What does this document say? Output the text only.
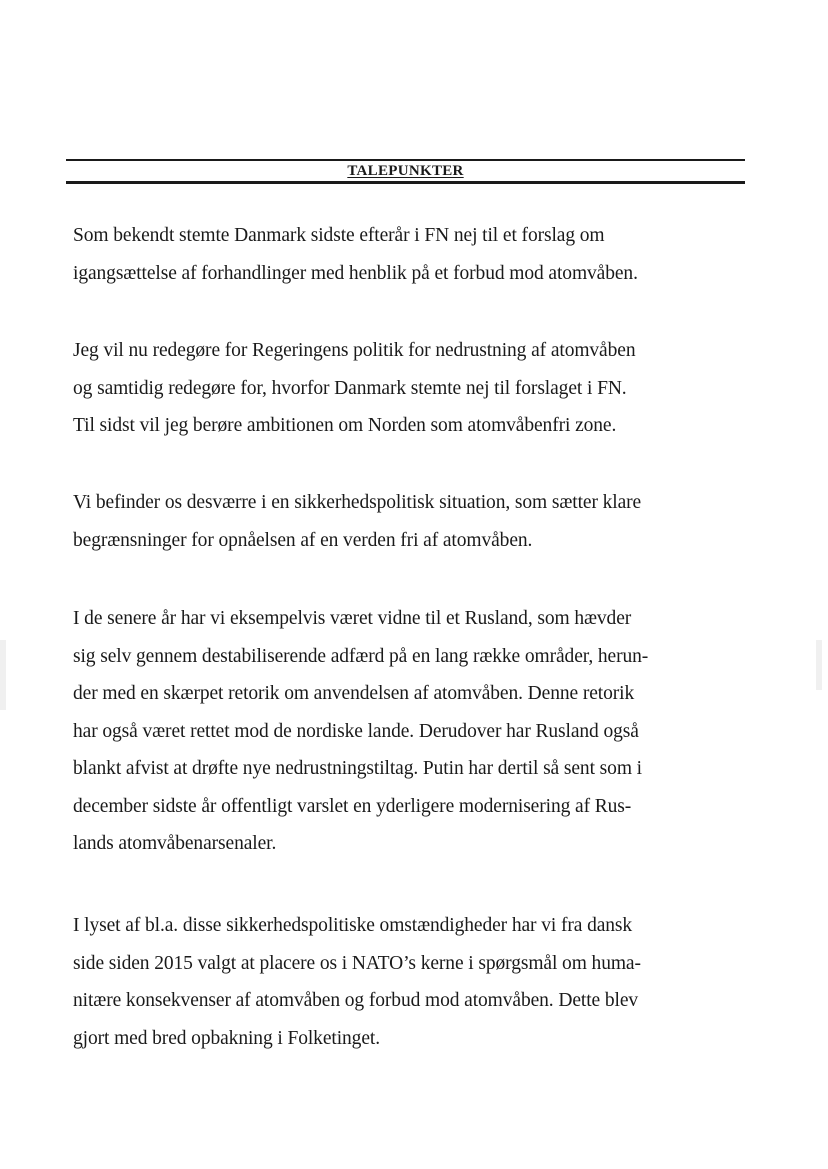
TALEPUNKTER

Som bekendt stemte Danmark sidste efterår i FN nej til et forslag om
igangsættelse af forhandlinger med henblik på et forbud mod atomvåben.

Jeg vil nu redegøre for Regeringens politik for nedrustning af atomvåben
og samtidig redegøre for, hvorfor Danmark stemte nej til forslaget i FN.
Til sidst vil jeg berøre ambitionen om Norden som atomvåbenfri zone.

Vi befinder os desværre i en sikkerhedspolitisk situation, som sætter klare
begrænsninger for opnåelsen af en verden fri af atomvåben.

I de senere år har vi eksempelvis været vidne til et Rusland, som hævder
sig selv gennem destabiliserende adfærd på en lang række områder, herun-
der med en skærpet retorik om anvendelsen af atomvåben. Denne retorik
har også været rettet mod de nordiske lande. Derudover har Rusland også
blankt afvist at drøfte nye nedrustningstiltag. Putin har dertil så sent som i
december sidste år offentligt varslet en yderligere modernisering af Rus-
lands atomvåbenarsenaler.

I lyset af bl.a. disse sikkerhedspolitiske omstændigheder har vi fra dansk
side siden 2015 valgt at placere os i NATO’s kerne i spørgsmål om huma-
nitære konsekvenser af atomvåben og forbud mod atomvåben. Dette blev
gjort med bred opbakning i Folketinget.
